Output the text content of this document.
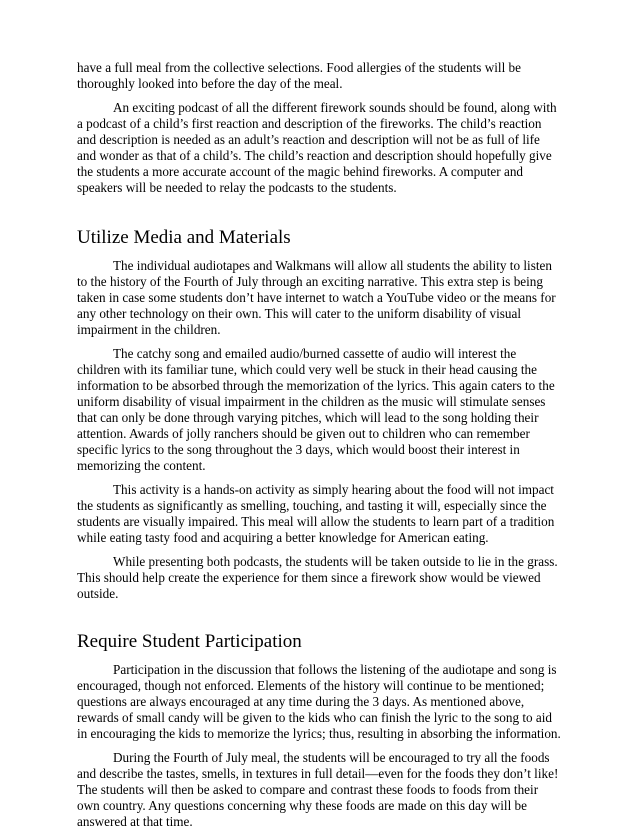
have a full meal from the collective selections. Food allergies of the students will be thoroughly looked into before the day of the meal.

An exciting podcast of all the different firework sounds should be found, along with a podcast of a child’s first reaction and description of the fireworks. The child’s reaction and description is needed as an adult’s reaction and description will not be as full of life and wonder as that of a child’s. The child’s reaction and description should hopefully give the students a more accurate account of the magic behind fireworks. A computer and speakers will be needed to relay the podcasts to the students.

Utilize Media and Materials

The individual audiotapes and Walkmans will allow all students the ability to listen to the history of the Fourth of July through an exciting narrative. This extra step is being taken in case some students don’t have internet to watch a YouTube video or the means for any other technology on their own. This will cater to the uniform disability of visual impairment in the children.

The catchy song and emailed audio/burned cassette of audio will interest the children with its familiar tune, which could very well be stuck in their head causing the information to be absorbed through the memorization of the lyrics. This again caters to the uniform disability of visual impairment in the children as the music will stimulate senses that can only be done through varying pitches, which will lead to the song holding their attention. Awards of jolly ranchers should be given out to children who can remember specific lyrics to the song throughout the 3 days, which would boost their interest in memorizing the content.

This activity is a hands-on activity as simply hearing about the food will not impact the students as significantly as smelling, touching, and tasting it will, especially since the students are visually impaired. This meal will allow the students to learn part of a tradition while eating tasty food and acquiring a better knowledge for American eating.

While presenting both podcasts, the students will be taken outside to lie in the grass. This should help create the experience for them since a firework show would be viewed outside.

Require Student Participation

Participation in the discussion that follows the listening of the audiotape and song is encouraged, though not enforced. Elements of the history will continue to be mentioned; questions are always encouraged at any time during the 3 days. As mentioned above, rewards of small candy will be given to the kids who can finish the lyric to the song to aid in encouraging the kids to memorize the lyrics; thus, resulting in absorbing the information.

During the Fourth of July meal, the students will be encouraged to try all the foods and describe the tastes, smells, in textures in full detail—even for the foods they don’t like! The students will then be asked to compare and contrast these foods to foods from their own country. Any questions concerning why these foods are made on this day will be answered at that time.
